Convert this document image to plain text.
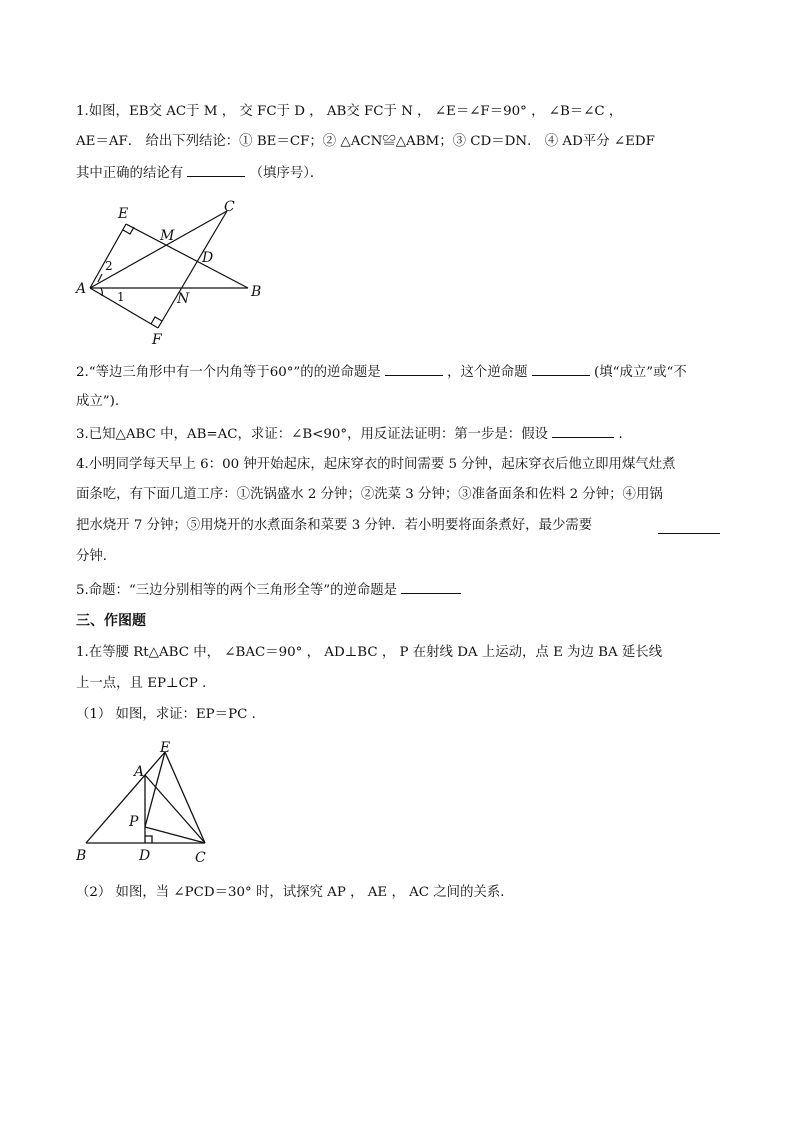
1.如图，EB交 AC于 M ， 交 FC于 D ， AB交 FC于 N ， ∠E＝∠F＝90° ， ∠B＝∠C ，
AE＝AF． 给出下列结论：① BE＝CF；② △ACN≌△ABM；③ CD＝DN． ④ AD平分 ∠EDF
其中正确的结论有	（填序号）．
E	C
M
D
2
A	1	N	B
F
2.“等边三角形中有一个内角等于60°”的的逆命题是	，这个逆命题	(填“成立”或“不
成立”).
3.已知△ABC 中，AB=AC，求证：∠B<90°，用反证法证明：第一步是：假设	．
4.小明同学每天早上 6：00 钟开始起床，起床穿衣的时间需要 5 分钟，起床穿衣后他立即用煤气灶煮
面条吃，有下面几道工序：①洗锅盛水 2 分钟；②洗菜 3 分钟；③准备面条和佐料 2 分钟；④用锅
把水烧开 7 分钟；⑤用烧开的水煮面条和菜要 3 分钟．若小明要将面条煮好，最少需要
分钟．
5.命题：“三边分别相等的两个三角形全等”的逆命题是
三、作图题
1.在等腰 Rt△ABC 中， ∠BAC＝90° ， AD⊥BC ， P 在射线 DA 上运动，点 E 为边 BA 延长线
上一点，且 EP⊥CP ．
（1） 如图，求证：EP＝PC ．
E
A
P
B	D	C
（2） 如图，当 ∠PCD＝30° 时，试探究 AP ， AE ， AC 之间的关系．
